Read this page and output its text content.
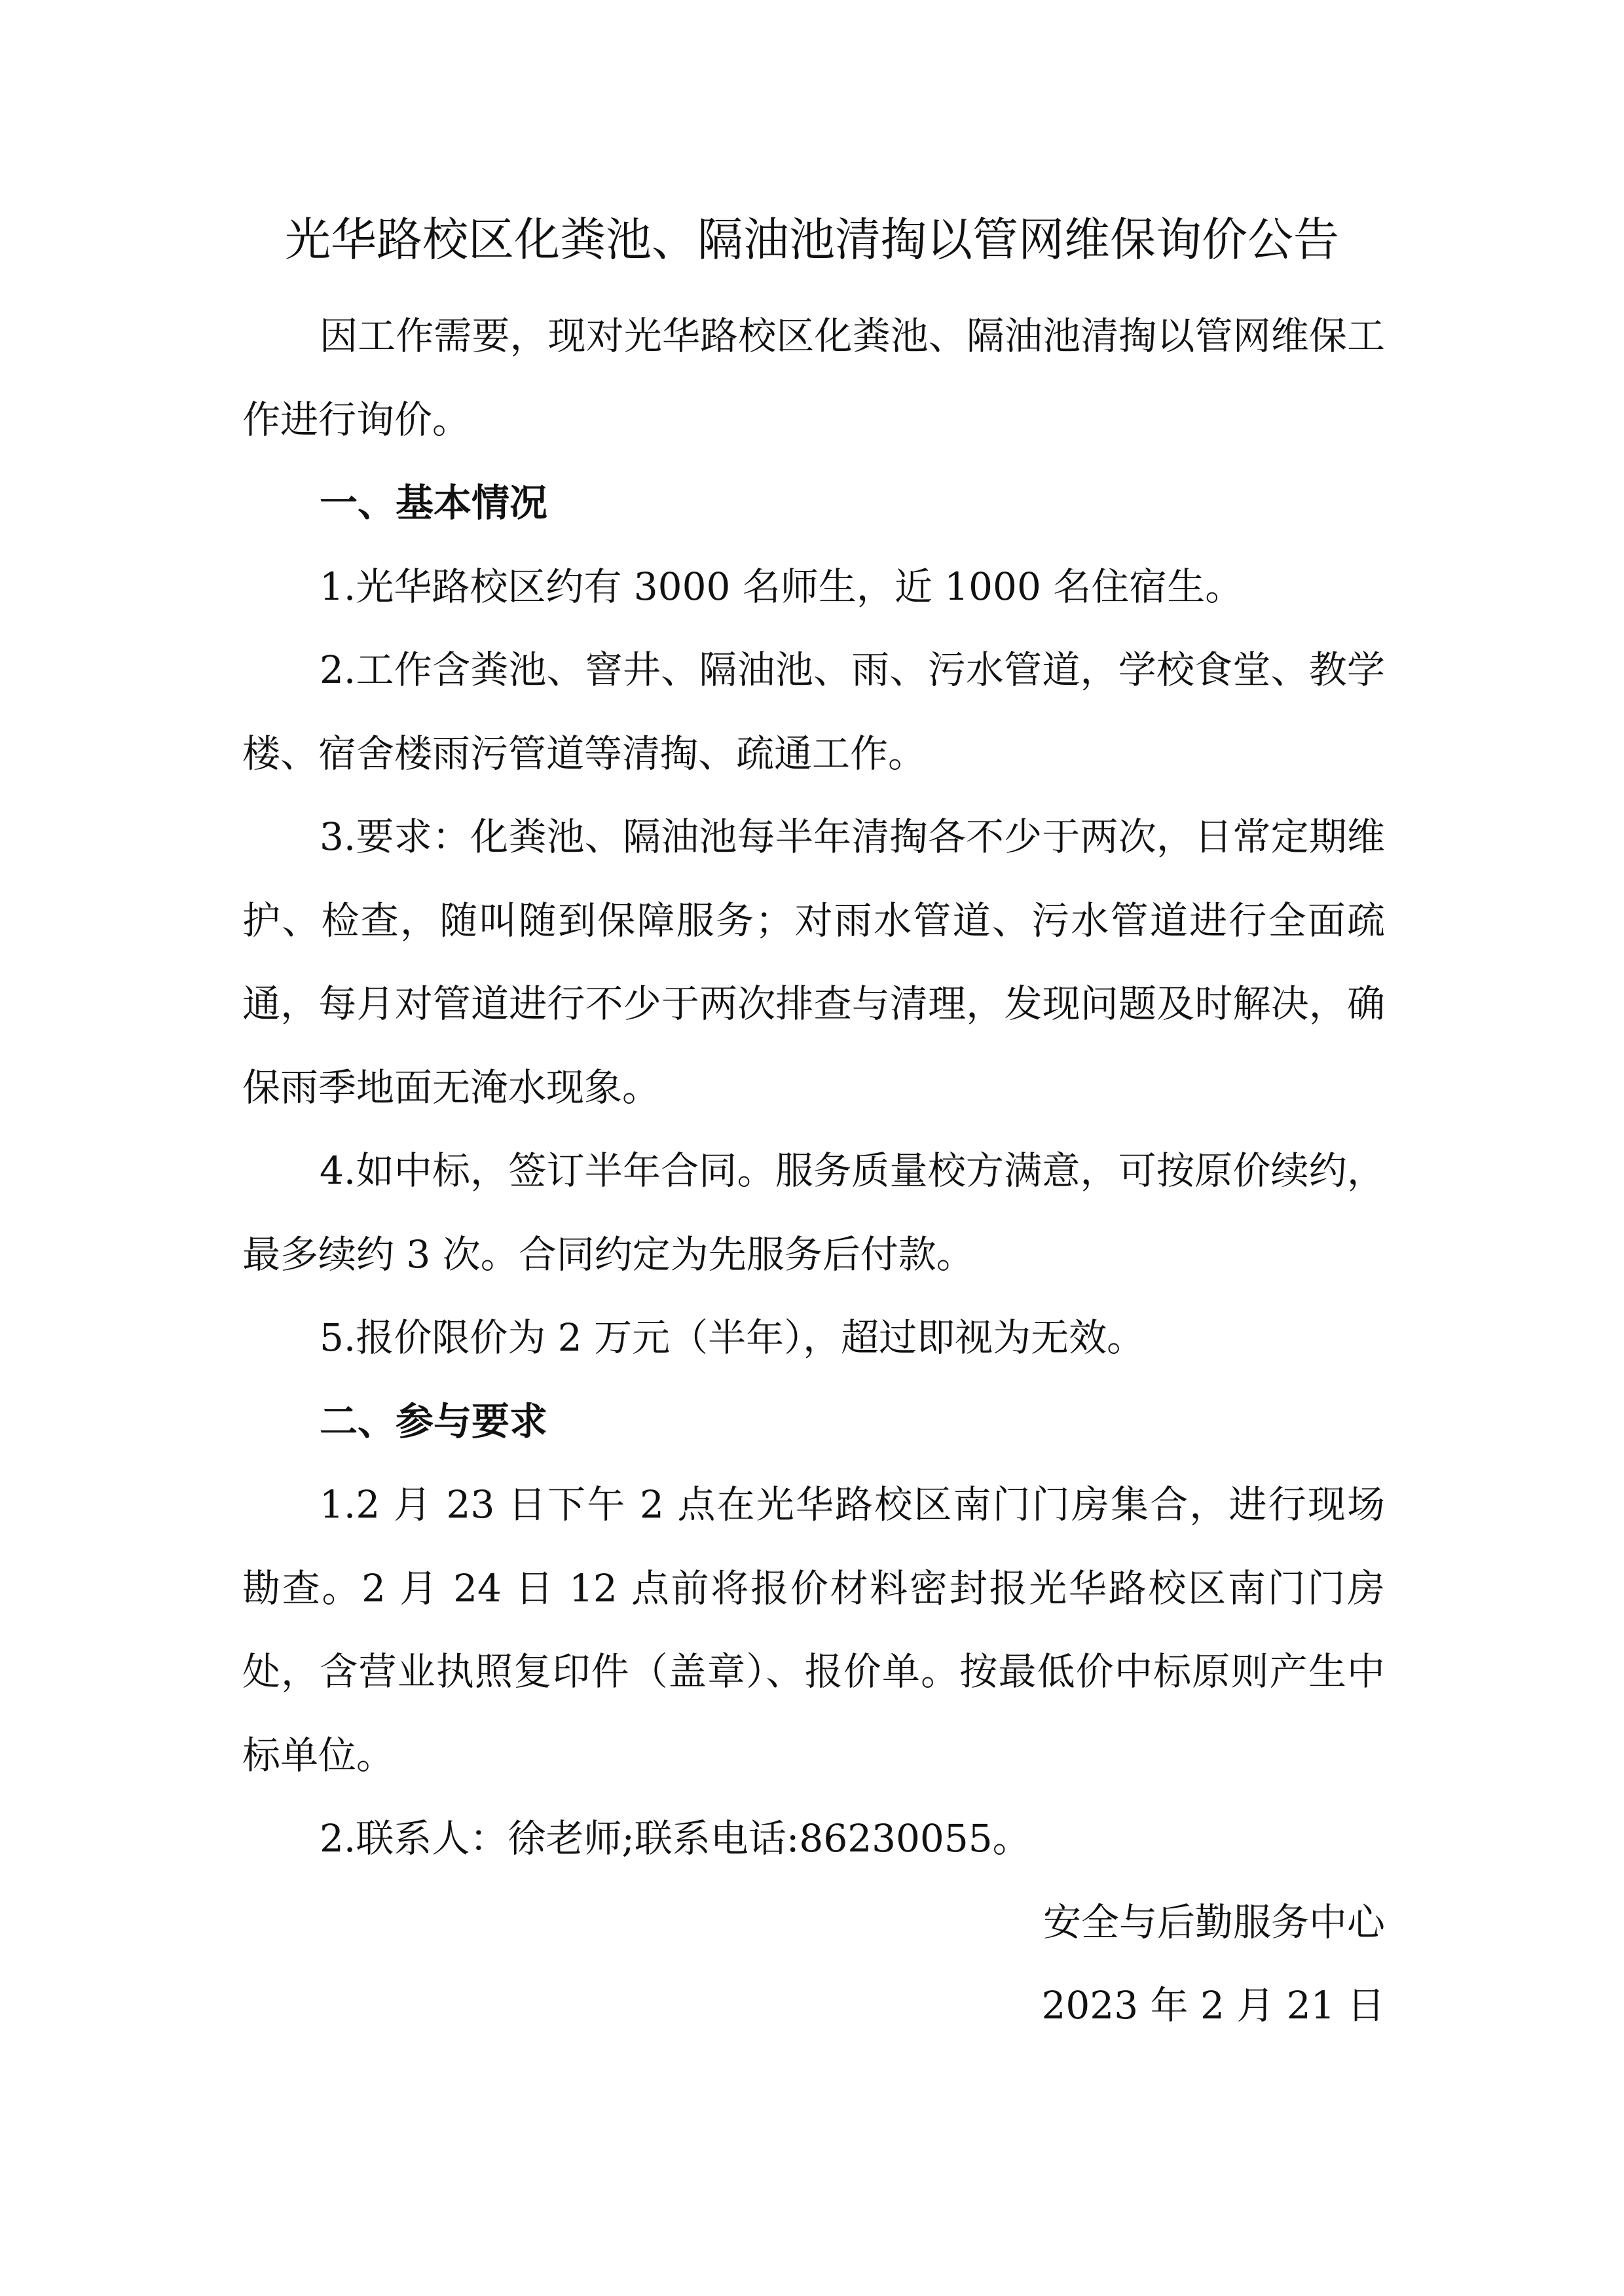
光华路校区化粪池、隔油池清掏以管网维保询价公告

因工作需要，现对光华路校区化粪池、隔油池清掏以管网维保工作进行询价。

一、基本情况

1.光华路校区约有 3000 名师生，近 1000 名住宿生。

2.工作含粪池、窨井、隔油池、雨、污水管道，学校食堂、教学楼、宿舍楼雨污管道等清掏、疏通工作。

3.要求：化粪池、隔油池每半年清掏各不少于两次，日常定期维护、检查，随叫随到保障服务；对雨水管道、污水管道进行全面疏通，每月对管道进行不少于两次排查与清理，发现问题及时解决，确保雨季地面无淹水现象。

4.如中标，签订半年合同。服务质量校方满意，可按原价续约，最多续约 3 次。合同约定为先服务后付款。

5.报价限价为 2 万元（半年），超过即视为无效。

二、参与要求

1.2 月 23 日下午 2 点在光华路校区南门门房集合，进行现场勘查。2 月 24 日 12 点前将报价材料密封报光华路校区南门门房处，含营业执照复印件（盖章）、报价单。按最低价中标原则产生中标单位。

2.联系人：徐老师;联系电话:86230055。

安全与后勤服务中心

2023 年 2 月 21 日
